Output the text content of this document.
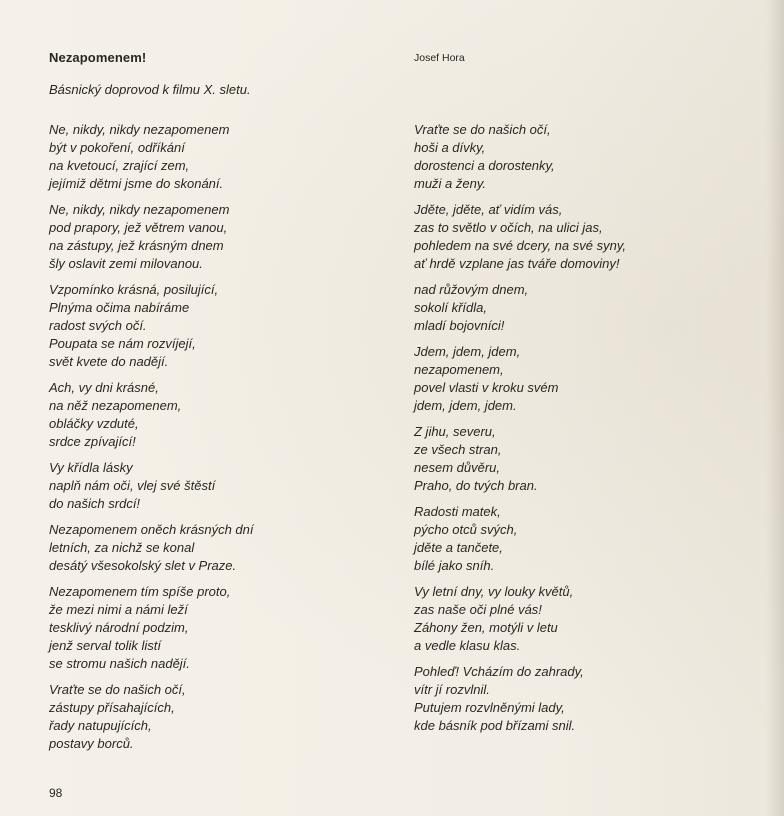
Nezapomenem!
Básnický doprovod k filmu X. sletu.
Josef Hora
Ne, nikdy, nikdy nezapomenem
být v pokoření, odříkání
na kvetoucí, zrající zem,
jejímiž dětmi jsme do skonání.
Ne, nikdy, nikdy nezapomenem
pod prapory, jež větrem vanou,
na zástupy, jež krásným dnem
šly oslavit zemi milovanou.
Vzpomínko krásná, posilující,
Plnýma očima nabíráme
radost svých očí.
Poupata se nám rozvíjejí,
svět kvete do nadějí.
Ach, vy dni krásné,
na něž nezapomenem,
obláčky vzduté,
srdce zpívající!
Vy křídla lásky
naplň nám oči, vlej své štěstí
do našich srdcí!
Nezapomenem oněch krásných dní
letních, za nichž se konal
desátý všesokolský slet v Praze.
Nezapomenem tím spíše proto,
že mezi nimi a námi leží
tesklivý národní podzim,
jenž serval tolik listí
se stromu našich nadějí.
Vraťte se do našich očí,
zástupy přísahajících,
řady natupujících,
postavy borců.
Vraťte se do našich očí,
hoši a dívky,
dorostenci a dorostenky,
muži a ženy.
Jděte, jděte, ať vidím vás,
zas to světlo v očích, na ulici jas,
pohledem na své dcery, na své syny,
ať hrdě vzplane jas tváře domoviny!
nad růžovým dnem,
sokolí křídla,
mladí bojovníci!
Jdem, jdem, jdem,
nezapomenem,
povel vlasti v kroku svém
jdem, jdem, jdem.
Z jihu, severu,
ze všech stran,
nesem důvěru,
Praho, do tvých bran.
Radosti matek,
pýcho otců svých,
jděte a tančete,
bílé jako sníh.
Vy letní dny, vy louky květů,
zas naše oči plné vás!
Záhony žen, motýli v letu
a vedle klasu klas.
Pohleď! Vcházím do zahrady,
vítr jí rozvlnil.
Putujem rozvlněnými lady,
kde básník pod břízami snil.
98
